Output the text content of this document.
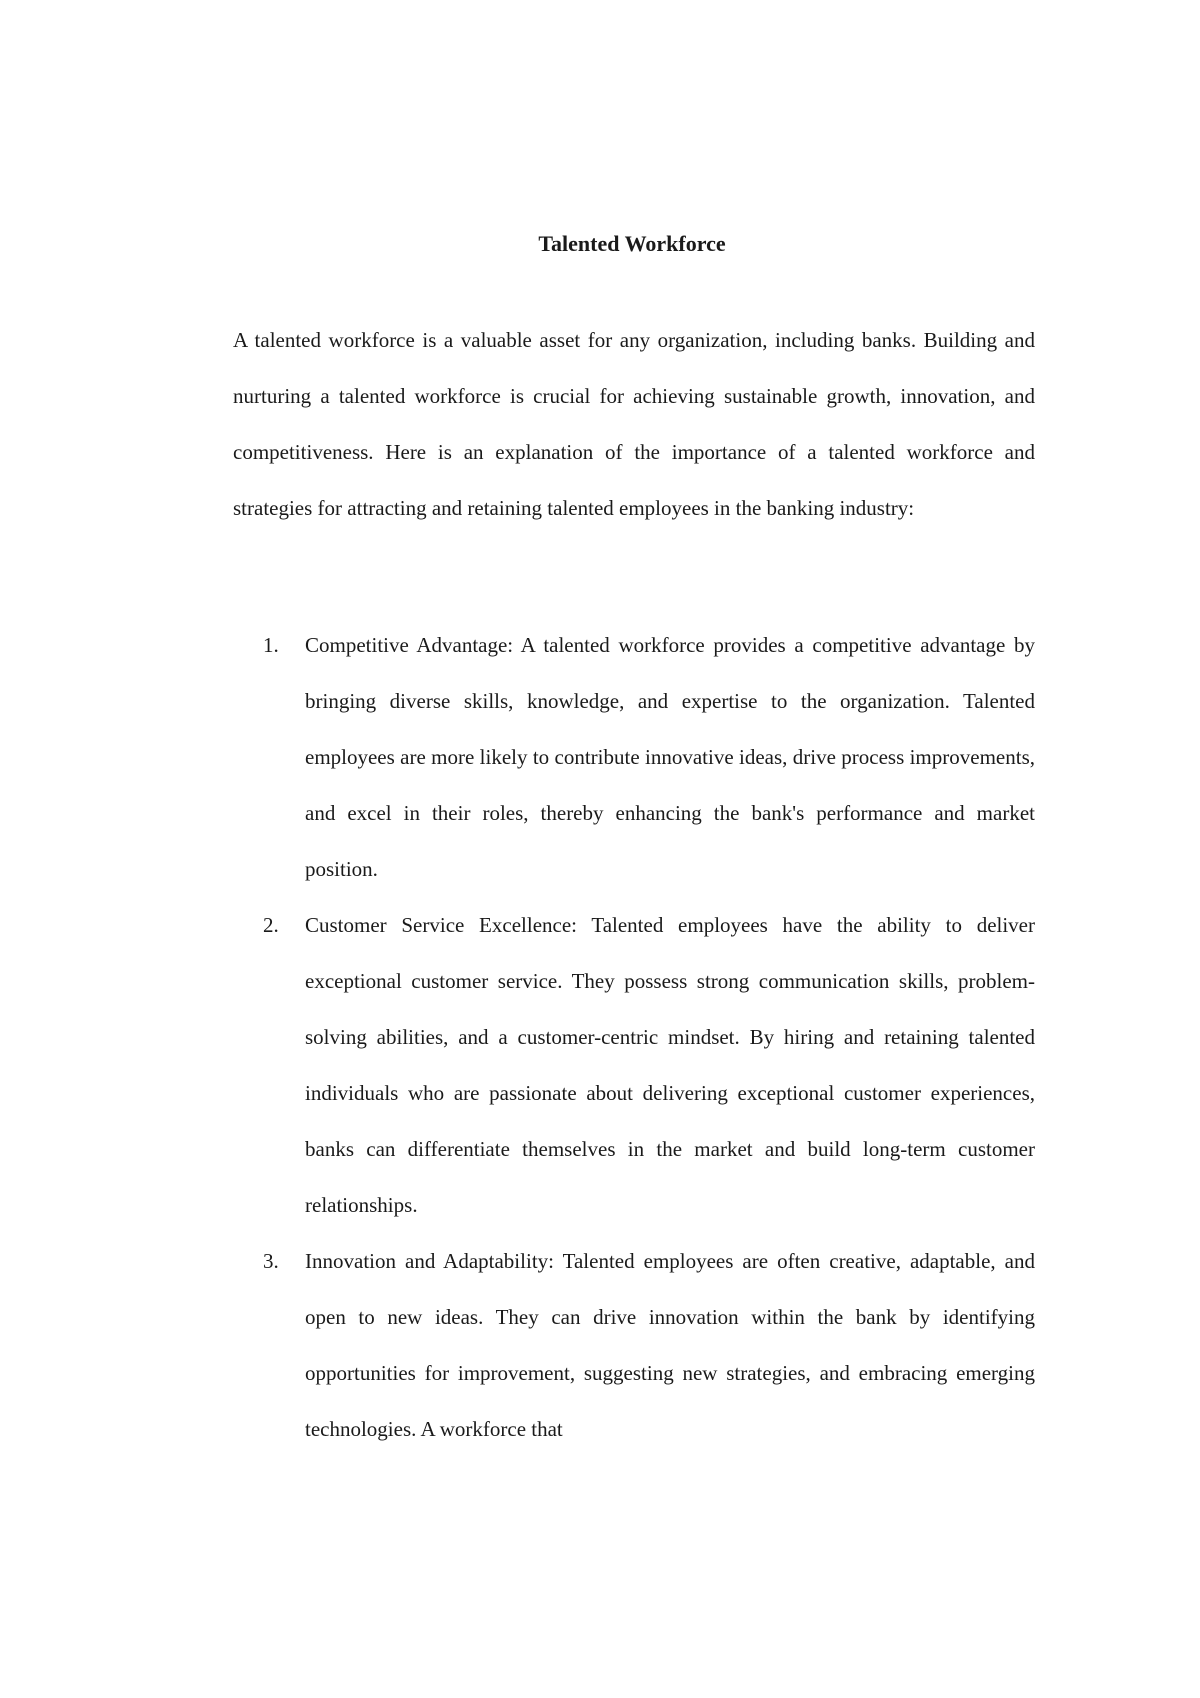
Talented Workforce

A talented workforce is a valuable asset for any organization, including banks. Building and nurturing a talented workforce is crucial for achieving sustainable growth, innovation, and competitiveness. Here is an explanation of the importance of a talented workforce and strategies for attracting and retaining talented employees in the banking industry:

1. Competitive Advantage: A talented workforce provides a competitive advantage by bringing diverse skills, knowledge, and expertise to the organization. Talented employees are more likely to contribute innovative ideas, drive process improvements, and excel in their roles, thereby enhancing the bank's performance and market position.
2. Customer Service Excellence: Talented employees have the ability to deliver exceptional customer service. They possess strong communication skills, problem-solving abilities, and a customer-centric mindset. By hiring and retaining talented individuals who are passionate about delivering exceptional customer experiences, banks can differentiate themselves in the market and build long-term customer relationships.
3. Innovation and Adaptability: Talented employees are often creative, adaptable, and open to new ideas. They can drive innovation within the bank by identifying opportunities for improvement, suggesting new strategies, and embracing emerging technologies. A workforce that
